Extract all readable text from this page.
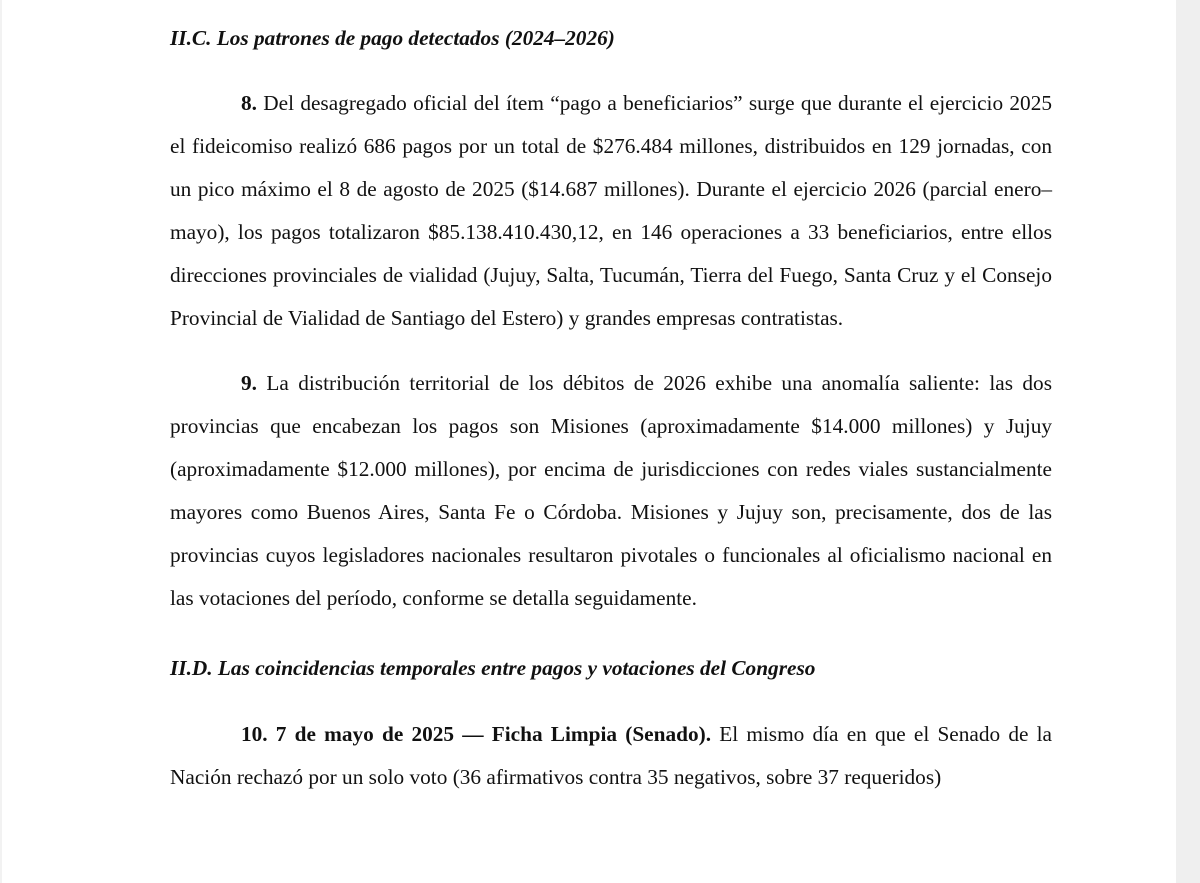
II.C. Los patrones de pago detectados (2024–2026)

8. Del desagregado oficial del ítem “pago a beneficiarios” surge que durante el ejercicio 2025 el fideicomiso realizó 686 pagos por un total de $276.484 millones, distribuidos en 129 jornadas, con un pico máximo el 8 de agosto de 2025 ($14.687 millones). Durante el ejercicio 2026 (parcial enero–mayo), los pagos totalizaron $85.138.410.430,12, en 146 operaciones a 33 beneficiarios, entre ellos direcciones provinciales de vialidad (Jujuy, Salta, Tucumán, Tierra del Fuego, Santa Cruz y el Consejo Provincial de Vialidad de Santiago del Estero) y grandes empresas contratistas.

9. La distribución territorial de los débitos de 2026 exhibe una anomalía saliente: las dos provincias que encabezan los pagos son Misiones (aproximadamente $14.000 millones) y Jujuy (aproximadamente $12.000 millones), por encima de jurisdicciones con redes viales sustancialmente mayores como Buenos Aires, Santa Fe o Córdoba. Misiones y Jujuy son, precisamente, dos de las provincias cuyos legisladores nacionales resultaron pivotales o funcionales al oficialismo nacional en las votaciones del período, conforme se detalla seguidamente.

II.D. Las coincidencias temporales entre pagos y votaciones del Congreso

10. 7 de mayo de 2025 — Ficha Limpia (Senado). El mismo día en que el Senado de la Nación rechazó por un solo voto (36 afirmativos contra 35 negativos, sobre 37 requeridos)
